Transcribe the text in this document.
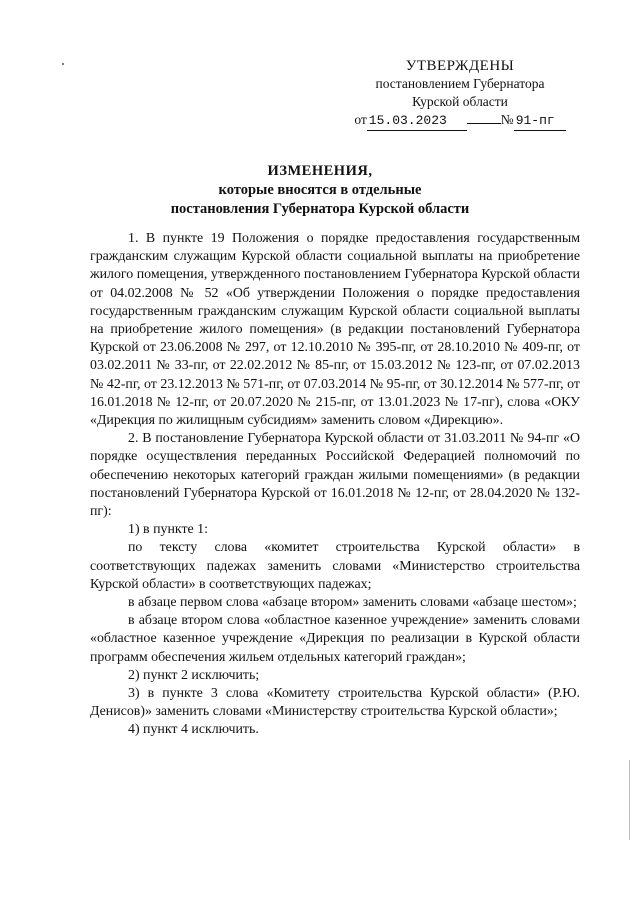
УТВЕРЖДЕНЫ
постановлением Губернатора
Курской области
от 15.03.2023	№ 91-пг
ИЗМЕНЕНИЯ,
которые вносятся в отдельные
постановления Губернатора Курской области

1. В пункте 19 Положения о порядке предоставления государственным гражданским служащим Курской области социальной выплаты на приобретение жилого помещения, утвержденного постановлением Губернатора Курской области от 04.02.2008 № 52 «Об утверждении Положения о порядке предоставления государственным гражданским служащим Курской области социальной выплаты на приобретение жилого помещения» (в редакции постановлений Губернатора Курской от 23.06.2008 № 297, от 12.10.2010 № 395-пг, от 28.10.2010 № 409-пг, от 03.02.2011 № 33-пг, от 22.02.2012 № 85-пг, от 15.03.2012 № 123-пг, от 07.02.2013 № 42-пг, от 23.12.2013 № 571-пг, от 07.03.2014 № 95-пг, от 30.12.2014 № 577-пг, от 16.01.2018 № 12-пг, от 20.07.2020 № 215-пг, от 13.01.2023 № 17-пг), слова «ОКУ «Дирекция по жилищным субсидиям» заменить словом «Дирекцию».

2. В постановление Губернатора Курской области от 31.03.2011 № 94-пг «О порядке осуществления переданных Российской Федерацией полномочий по обеспечению некоторых категорий граждан жилыми помещениями» (в редакции постановлений Губернатора Курской от 16.01.2018 № 12-пг, от 28.04.2020 № 132-пг):

1) в пункте 1:

по тексту слова «комитет строительства Курской области» в соответствующих падежах заменить словами «Министерство строительства Курской области» в соответствующих падежах;

в абзаце первом слова «абзаце втором» заменить словами «абзаце шестом»;

в абзаце втором слова «областное казенное учреждение» заменить словами «областное казенное учреждение «Дирекция по реализации в Курской области программ обеспечения жильем отдельных категорий граждан»;

2) пункт 2 исключить;

3) в пункте 3 слова «Комитету строительства Курской области» (Р.Ю. Денисов)» заменить словами «Министерству строительства Курской области»;

4) пункт 4 исключить.
